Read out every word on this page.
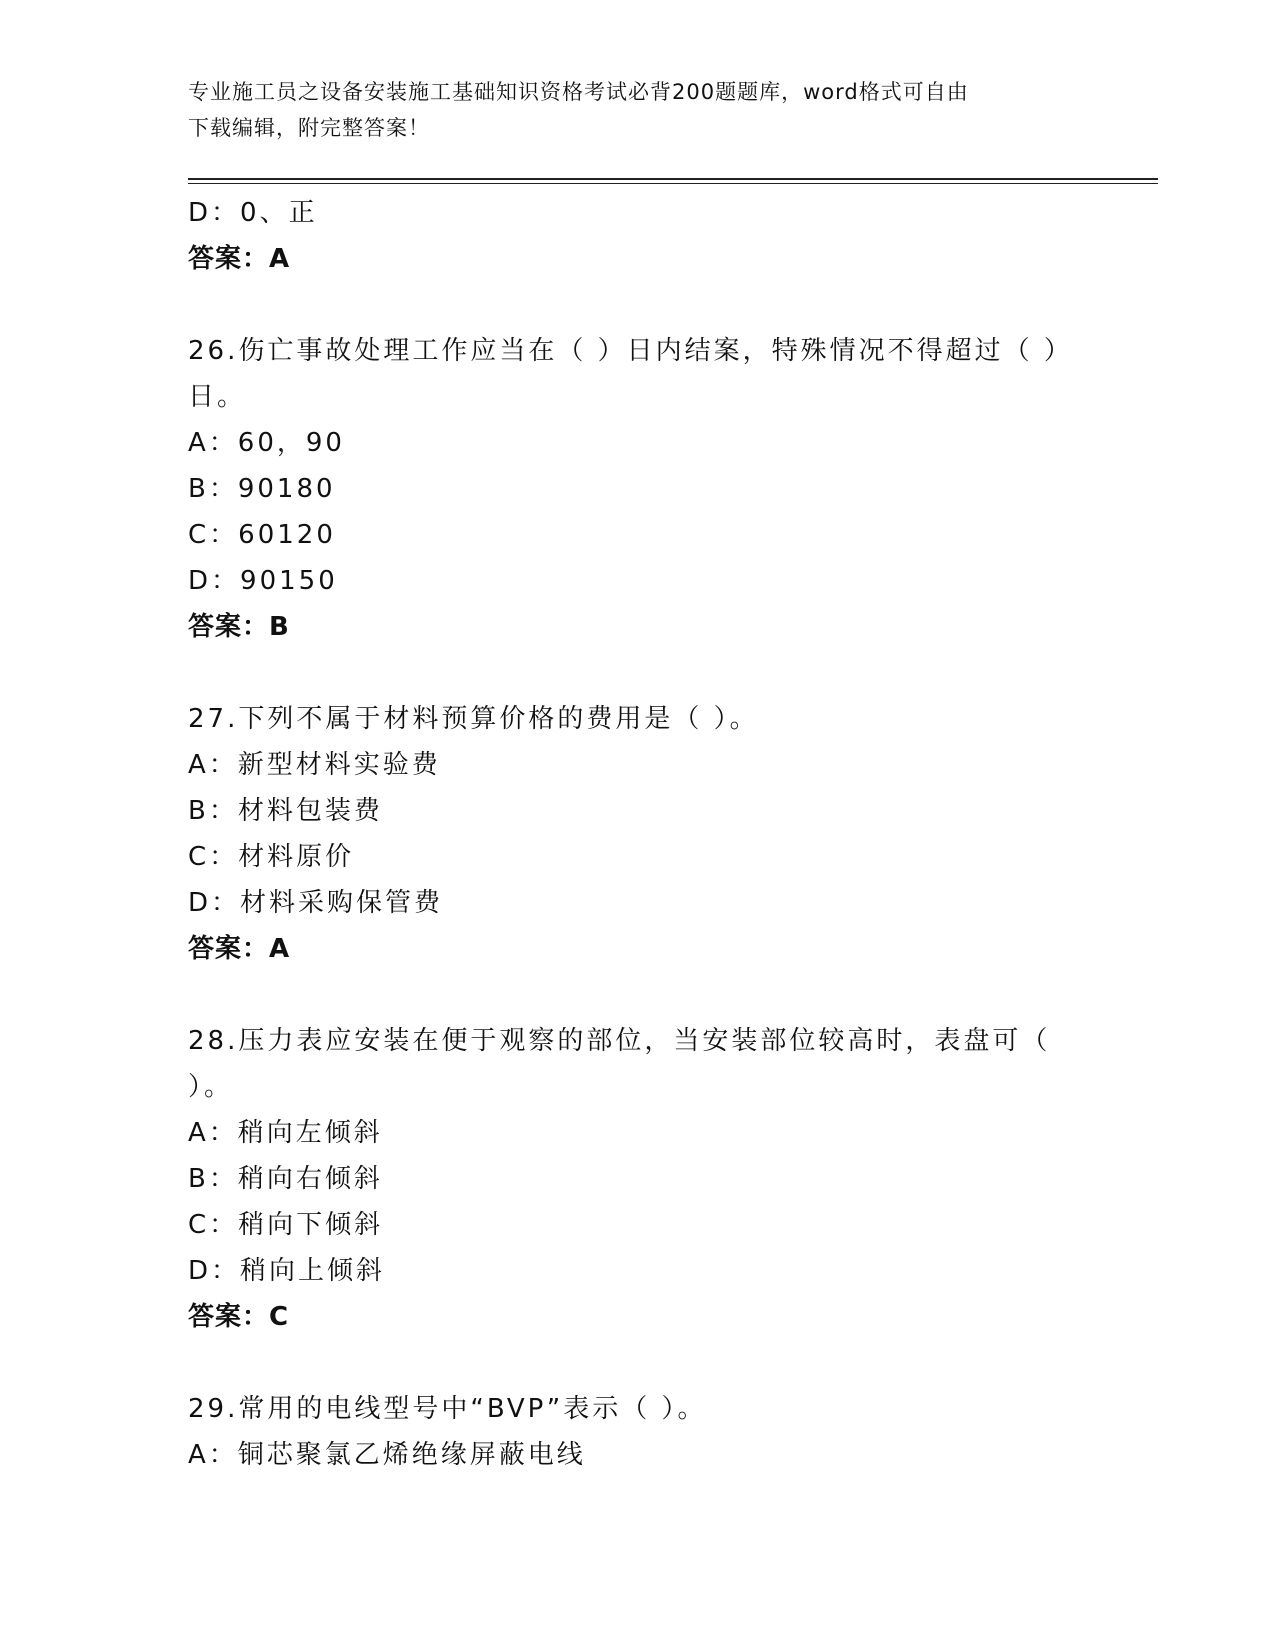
专业施工员之设备安装施工基础知识资格考试必背200题题库，word格式可自由
下载编辑，附完整答案！
D：0、正
答案：A
26.伤亡事故处理工作应当在（ ）日内结案，特殊情况不得超过（ ）
日。
A：60，90
B：90180
C：60120
D：90150
答案：B
27.下列不属于材料预算价格的费用是（ ）。
A：新型材料实验费
B：材料包装费
C：材料原价
D：材料采购保管费
答案：A
28.压力表应安装在便于观察的部位，当安装部位较高时，表盘可（
）。
A：稍向左倾斜
B：稍向右倾斜
C：稍向下倾斜
D：稍向上倾斜
答案：C
29.常用的电线型号中“BVP”表示（ ）。
A：铜芯聚氯乙烯绝缘屏蔽电线
